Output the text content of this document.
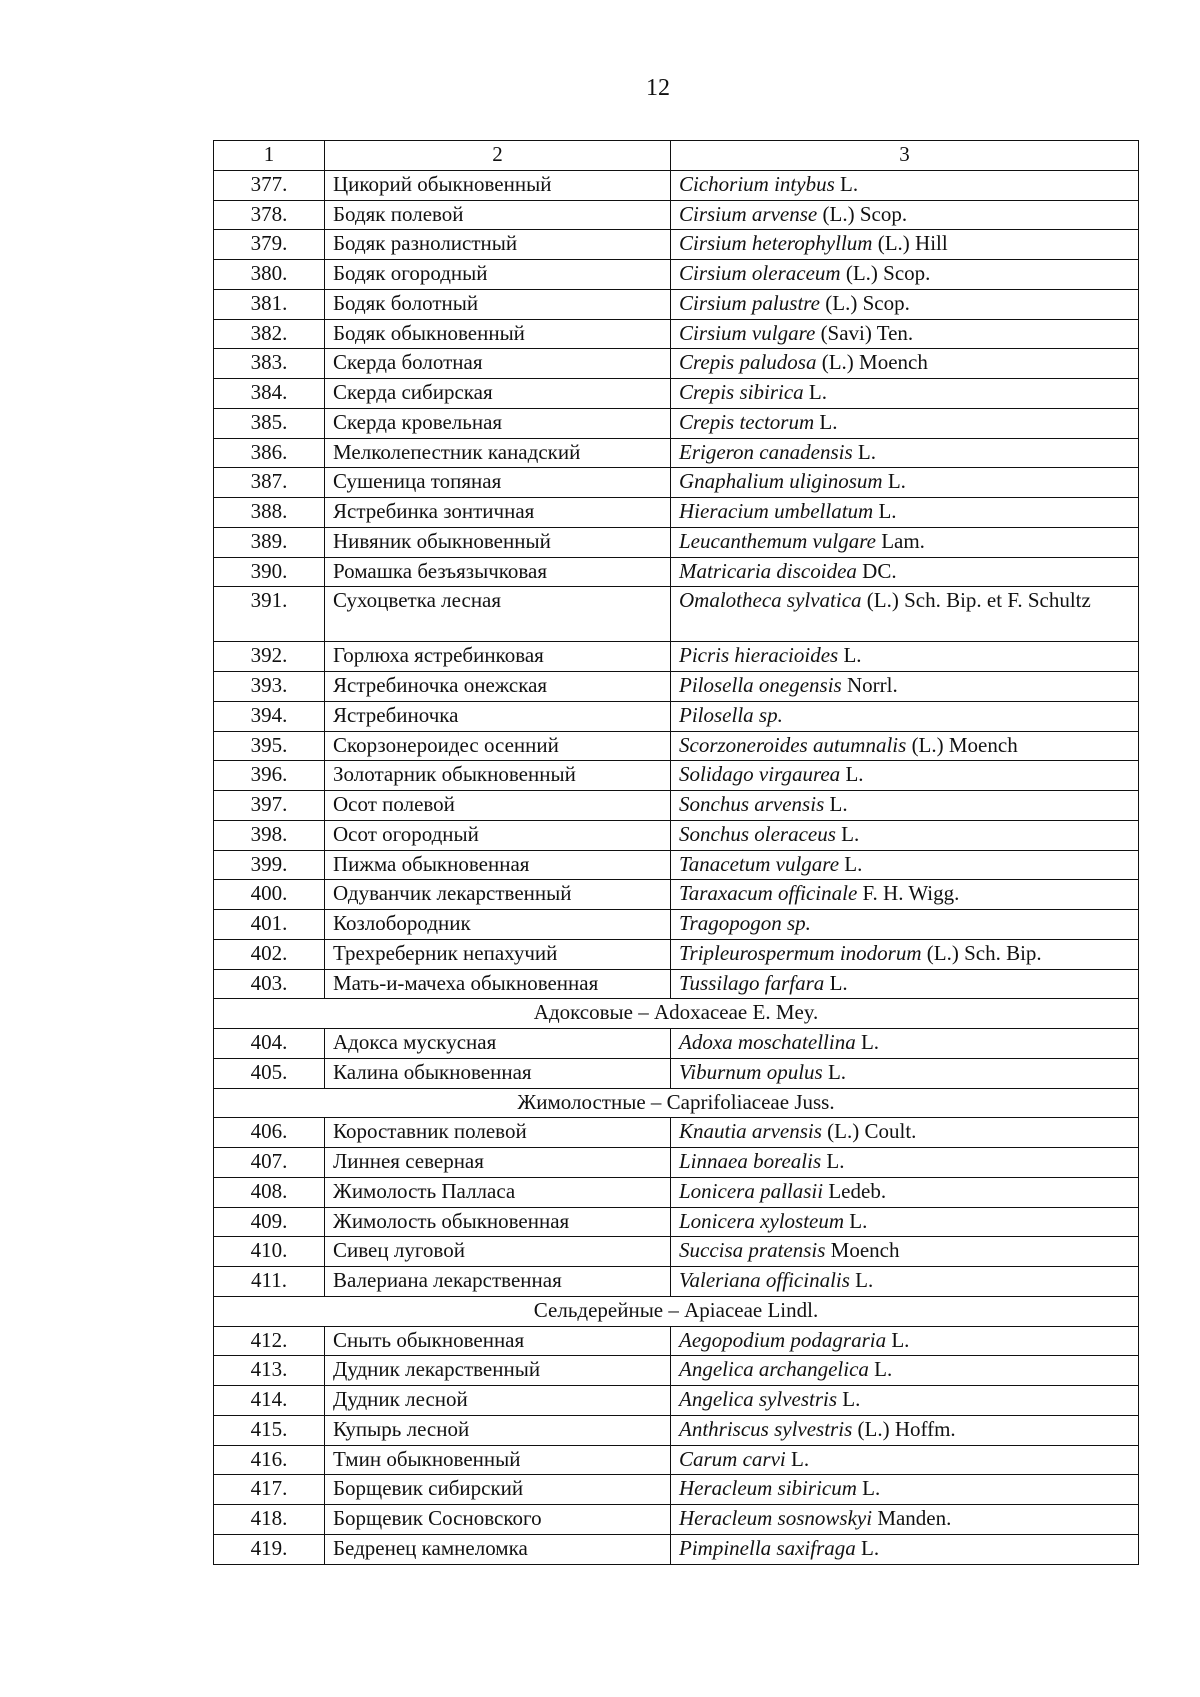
12
1	2	3
377.	Цикорий обыкновенный	Cichorium intybus L.
378.	Бодяк полевой	Cirsium arvense (L.) Scop.
379.	Бодяк разнолистный	Cirsium heterophyllum (L.) Hill
380.	Бодяк огородный	Cirsium oleraceum (L.) Scop.
381.	Бодяк болотный	Cirsium palustre (L.) Scop.
382.	Бодяк обыкновенный	Cirsium vulgare (Savi) Ten.
383.	Скерда болотная	Crepis paludosa (L.) Moench
384.	Скерда сибирская	Crepis sibirica L.
385.	Скерда кровельная	Crepis tectorum L.
386.	Мелколепестник канадский	Erigeron canadensis L.
387.	Сушеница топяная	Gnaphalium uliginosum L.
388.	Ястребинка зонтичная	Hieracium umbellatum L.
389.	Нивяник обыкновенный	Leucanthemum vulgare Lam.
390.	Ромашка безъязычковая	Matricaria discoidea DC.
391.	Сухоцветка лесная	Omalotheca sylvatica (L.) Sch. Bip. et F. Schultz
392.	Горлюха ястребинковая	Picris hieracioides L.
393.	Ястребиночка онежская	Pilosella onegensis Norrl.
394.	Ястребиночка	Pilosella sp.
395.	Скорзонероидес осенний	Scorzoneroides autumnalis (L.) Moench
396.	Золотарник обыкновенный	Solidago virgaurea L.
397.	Осот полевой	Sonchus arvensis L.
398.	Осот огородный	Sonchus oleraceus L.
399.	Пижма обыкновенная	Tanacetum vulgare L.
400.	Одуванчик лекарственный	Taraxacum officinale F. H. Wigg.
401.	Козлобородник	Tragopogon sp.
402.	Трехреберник непахучий	Tripleurospermum inodorum (L.) Sch. Bip.
403.	Мать-и-мачеха обыкновенная	Tussilago farfara L.
Адоксовые – Adoxaceae E. Mey.		
404.	Адокса мускусная	Adoxa moschatellina L.
405.	Калина обыкновенная	Viburnum opulus L.
Жимолостные – Caprifoliaceae Juss.		
406.	Короставник полевой	Knautia arvensis (L.) Coult.
407.	Линнея северная	Linnaea borealis L.
408.	Жимолость Палласа	Lonicera pallasii Ledeb.
409.	Жимолость обыкновенная	Lonicera xylosteum L.
410.	Сивец луговой	Succisa pratensis Moench
411.	Валериана лекарственная	Valeriana officinalis L.
Сельдерейные – Apiaceae Lindl.		
412.	Сныть обыкновенная	Aegopodium podagraria L.
413.	Дудник лекарственный	Angelica archangelica L.
414.	Дудник лесной	Angelica sylvestris L.
415.	Купырь лесной	Anthriscus sylvestris (L.) Hoffm.
416.	Тмин обыкновенный	Carum carvi L.
417.	Борщевик сибирский	Heracleum sibiricum L.
418.	Борщевик Сосновского	Heracleum sosnowskyi Manden.
419.	Бедренец камнеломка	Pimpinella saxifraga L.
